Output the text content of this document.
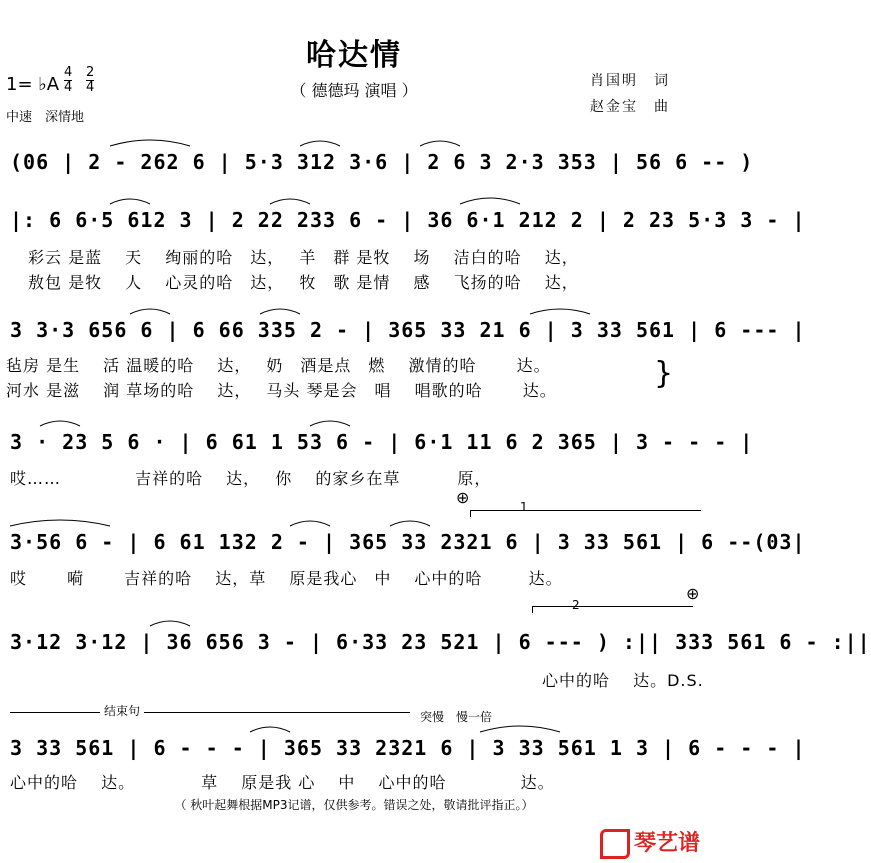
哈达情
（ 德德玛 演唱 ）	肖国明　词
赵金宝　曲
1= ♭A
4
4
2
4
中速　深情地
(06 | 2 - 262 6 | 5·3 312 3·6 | 2 6 3 2·3 353 | 56 6 -- )
|: 6 6·5 612 3 | 2 22 233 6 - | 36 6·1 212 2 | 2 23 5·3 3 - |
彩云 是蓝　 天　 绚丽的哈　达，　 羊　群 是牧　 场　 洁白的哈　 达，
敖包 是牧　 人　 心灵的哈　达，　 牧　歌 是情　 感　 飞扬的哈　 达，
3 3·3 656 6 | 6 66 335 2 - | 365 33 21 6 | 3 33 561 | 6 --- |
毡房 是生　 活 温暖的哈　 达，　 奶　酒是点　燃　 激情的哈　　 达。
河水 是滋　 润 草场的哈　 达，　 马头 琴是会　唱　 唱歌的哈　　 达。	}
3 · 23 5 6 · | 6 61 1 53 6 - | 6·1 11 6 2 365 | 3 - - - |
哎……　　　　 吉祥的哈　 达，　 你　 的家乡在草　　　 原，
⊕	1
3·56 6 - | 6 61 132 2 - | 365 33 2321 6 | 3 33 561 | 6 --(03|
哎　　 嗬　　 吉祥的哈　 达，草　 原是我心　中　 心中的哈　 　 达。
2
⊕
3·12 3·12 | 36 656 3 - | 6·33 23 521 | 6 --- ) :|| 333 561 6 - :||
心中的哈　 达。D.S.
结束句	突慢　慢一倍
3 33 561 | 6 - - - | 365 33 2321 6 | 3 33 561 1 3 | 6 - - - |
心中的哈　 达。　　　　 草　 原是我 心　 中　 心中的哈　　　　 达。
（ 秋叶起舞根据MP3记谱，仅供参考。错误之处，敬请批评指正。）
琴艺谱
